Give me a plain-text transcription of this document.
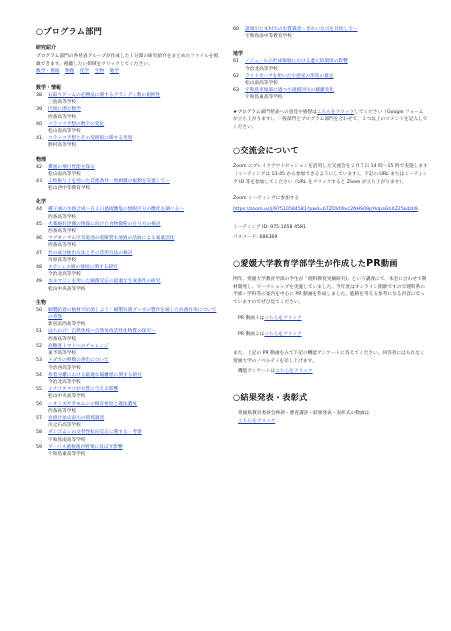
○プログラム部門
研究紹介
プログラム部門の各発表グループが作成した１分間の研究紹介をまとめたファイルを掲載できます。視聴したい領域をクリックしてください。
数学・情報 物理 化学 生物 地学
数学・情報
38 石取りゲームの必勝法に関するグランディ数の規則性
三島高等学校
39 円周に潜む数学
西条高等学校
40 コラッツ予想の数字の変化
松山南高等学校
41 コラッツ予想とその変則版に関する考察
野村高等学校
物理
42 薫風の飛行性能を探る
松山南高等学校
43 ２枚振り子を用いた音源条件一致刺激の振動を反復して～
松山西中等教育学校
化学
44 種子油の水熱合成～在２口過硫酸塩の無限区分の酸化を調べる～
西条高等学校
45 火薬線好評圏の情報に向けた食物微粉の在り方の検討
西条高等学校
46 マグネシウム空気電池の電解質水溶液の活血による素量活化
西条高等学校
47 竹の成分抽出方法とその活用方法の検討
丹原高等学校
48 ステンレス板の強度に関する研究
今治北高等学校
49 水ルマリンを用いた細菌反応の最適な生成条件の研究
松山中央高等学校
生物
50 網製防着の植材で抗菌しよう！網製抗菌グッズの製作を通した抗菌作用についての考察
新居浜西高等学校
51 はちわけ！自然免疫～自然免疫活性化物質の探究～
西条高等学校
52 高糖度トマトへのチャレンジ
東予高等学校
53 メダカの卵膜の溶出について
今治西高等学校
54 糸着分離における最適な隔離紙に関する研究
今治北高等学校
55 イチゴタマゴが水質に与える影響
松山中央高等学校
56 シオミズヤガモムシの飼育密度と適法濃度
西条高等学校
57 衣掛け並山南川の環境調査
川之石高等学校
58 ダンゴムシの交替性転向反応に関する一考察
宇和島南高等学校
59 アーバス菌根菌が野菜に及ぼす影響
宇和島東高等学校
60 諸岡川と本村川の水質調査～きれいな川を目指して～
宇和島南中等教育学校
地学
61 ノジュールの形成場層における遺元的環境の影響
今治北高等学校
62 ライトカーブを用いた小惑星の形状の推定
松山南高等学校
63 宇和島市堀部に過つ小規模河川の藤藤変化
宇和島東高等学校
★プログラム部門発表への意見や感想はこちらをクリックしてください（Google フォームが立ち上がります）。一般部門とプログラム部門を合わせて、３つ以上のコメントを記入してください。
○交流会について
Zoom のブレイクアウトセッションを活用した交流会を２月７日 14 時～15 時で実施します（ミーティングは 13:45 から参加できるようにしています）。下記の URL またはミーティング ID 等を参加してください（URL をクリックすると Zoom が立ち上がります）。
Zoom ミーティングに参加する
https://zoom.us/j/97510584581?pwd=bTZOV09vc2NHS09pYklpaGhXZ25kdz09
ミーティング ID: 975 1058 4581
パスコード: 686369
○愛媛大学教育学部学生が作成したPR動画
例年、愛媛大学教育学部の学生が「理科教育実験研究Ⅰ」という講義にて、本会に合わせて教材開発し、ワークショップを実施していました。今年度はオンライン開催ですので理科系の学部・学科等の案内を中心に PR 動画を作成しました。進路を考える参考になる内容になっていますのでぜひ見てください。
PR 動画１はこちらをクリック
PR 動画２はこちらをクリック
また、上記の PR 動画をみて下記の機能アンケートに答えてください。回答者にはもれなく愛媛大学のノベルティを差し上げます。
機能アンケートはこちらをクリック
○結果発表・表彰式
愛媛県教育委員会挨拶・審査講評・結果発表・表彰式の動画は
こちらをクリック
